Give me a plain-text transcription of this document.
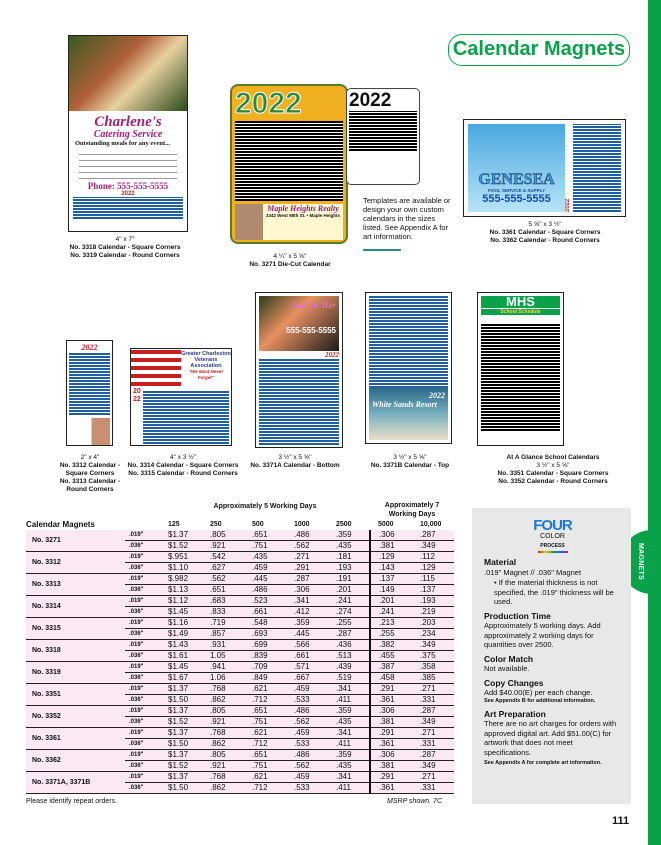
MAGNETS
Calendar Magnets
Charlene's
Catering Service
Outstanding meals for any event...
Phone: 555-555-5555
2022
2022
Maple Heights Realty
2342 West 98th St. • Maple Heights
2022
Templates are available or design your own custom calendars in the sizes listed. See Appendix A for art information.
GENESEA
POOL SERVICE & SUPPLY
555-555-5555	2022
2022
Greater Charleston Veterans Association
"We Must Never Forget"
2022
Just for Her
555-555-5555
2022
2022
White Sands Resort
MHS
School Schedule
4" x 7"
No. 3318 Calendar - Square Corners
No. 3319 Calendar - Round Corners	4 ¼" x 5 ⅝"
No. 3271 Die-Cut Calendar
5 ⅝" x 3 ½"
No. 3361 Calendar - Square Corners
No. 3362 Calendar - Round Corners
2" x 4"
No. 3312 Calendar -
Square Corners
No. 3313 Calendar -
Round Corners
4" x 3 ½"
No. 3314 Calendar - Square Corners
No. 3315 Calendar - Round Corners
3 ½" x 5 ⅝"
No. 3371A Calendar - Bottom
3 ½" x 5 ⅝"
No. 3371B Calendar - Top
At A Glance School Calendars
3 ½" x 5 ⅝"
No. 3351 Calendar - Square Corners
No. 3352 Calendar - Round Corners
		Approximately 5 Working Days					Approximately 7 Working Days	

Calendar Magnets		125	250	500	1000	2500	5000	10,000
No. 3271	.019"	$1.37	.805	.651	.486	.359	.306	.287
	.036"	$1.52	.921	.751	.562	.435	.381	.349
No. 3312	.019"	$.951	.542	.435	.271	.181	.129	.112
	.036"	$1.10	.627	.459	.291	.193	.143	.129
No. 3313	.019"	$.982	.562	.445	.287	.191	.137	.115
	.036"	$1.13	.651	.486	.306	.201	.149	.137
No. 3314	.019"	$1.12	.683	.523	.341	.241	.201	.193
	.036"	$1.45	.833	.661	.412	.274	.241	.219
No. 3315	.019"	$1.16	.719	.548	.359	.255	.213	.203
	.036"	$1.49	.857	.693	.445	.287	.255	.234
No. 3318	.019"	$1.43	.931	.699	.566	.436	.382	.349
	.036"	$1.61	1.05	.839	.661	.513	.455	.375
No. 3319	.019"	$1.45	.941	.709	.571	.439	.387	.358
	.036"	$1.67	1.06	.849	.667	.519	.458	.385
No. 3351	.019"	$1.37	.768	.621	.459	.341	.291	.271
	.036"	$1.50	.862	.712	.533	.411	.361	.331
No. 3352	.019"	$1.37	.805	.651	.486	.359	.306	.287
	.036"	$1.52	.921	.751	.562	.435	.381	.349
No. 3361	.019"	$1.37	.768	.621	.459	.341	.291	.271
	.036"	$1.50	.862	.712	.533	.411	.361	.331
No. 3362	.019"	$1.37	.805	.651	.486	.359	.306	.287
	.036"	$1.52	.921	.751	.562	.435	.381	.349
No. 3371A, 3371B	.019"	$1.37	.768	.621	.459	.341	.291	.271
	.036"	$1.50	.862	.712	.533	.411	.361	.331
Please identify repeat orders.	MSRP shown. 7C
FOUR
COLOR
PROCESS
Material
.019" Magnet // .036" Magnet
• If the material thickness is not specified, the .019" thickness will be used.
Production Time
Approximately 5 working days. Add approximately 2 working days for quantities over 2500.
Color Match
Not available.
Copy Changes
Add $40.00(E) per each change.
See Appendix B for additional information.
Art Preparation
There are no art charges for orders with approved digital art. Add $51.00(C) for artwork that does not meet specifications.
See Appendix A for complete art information.
111
